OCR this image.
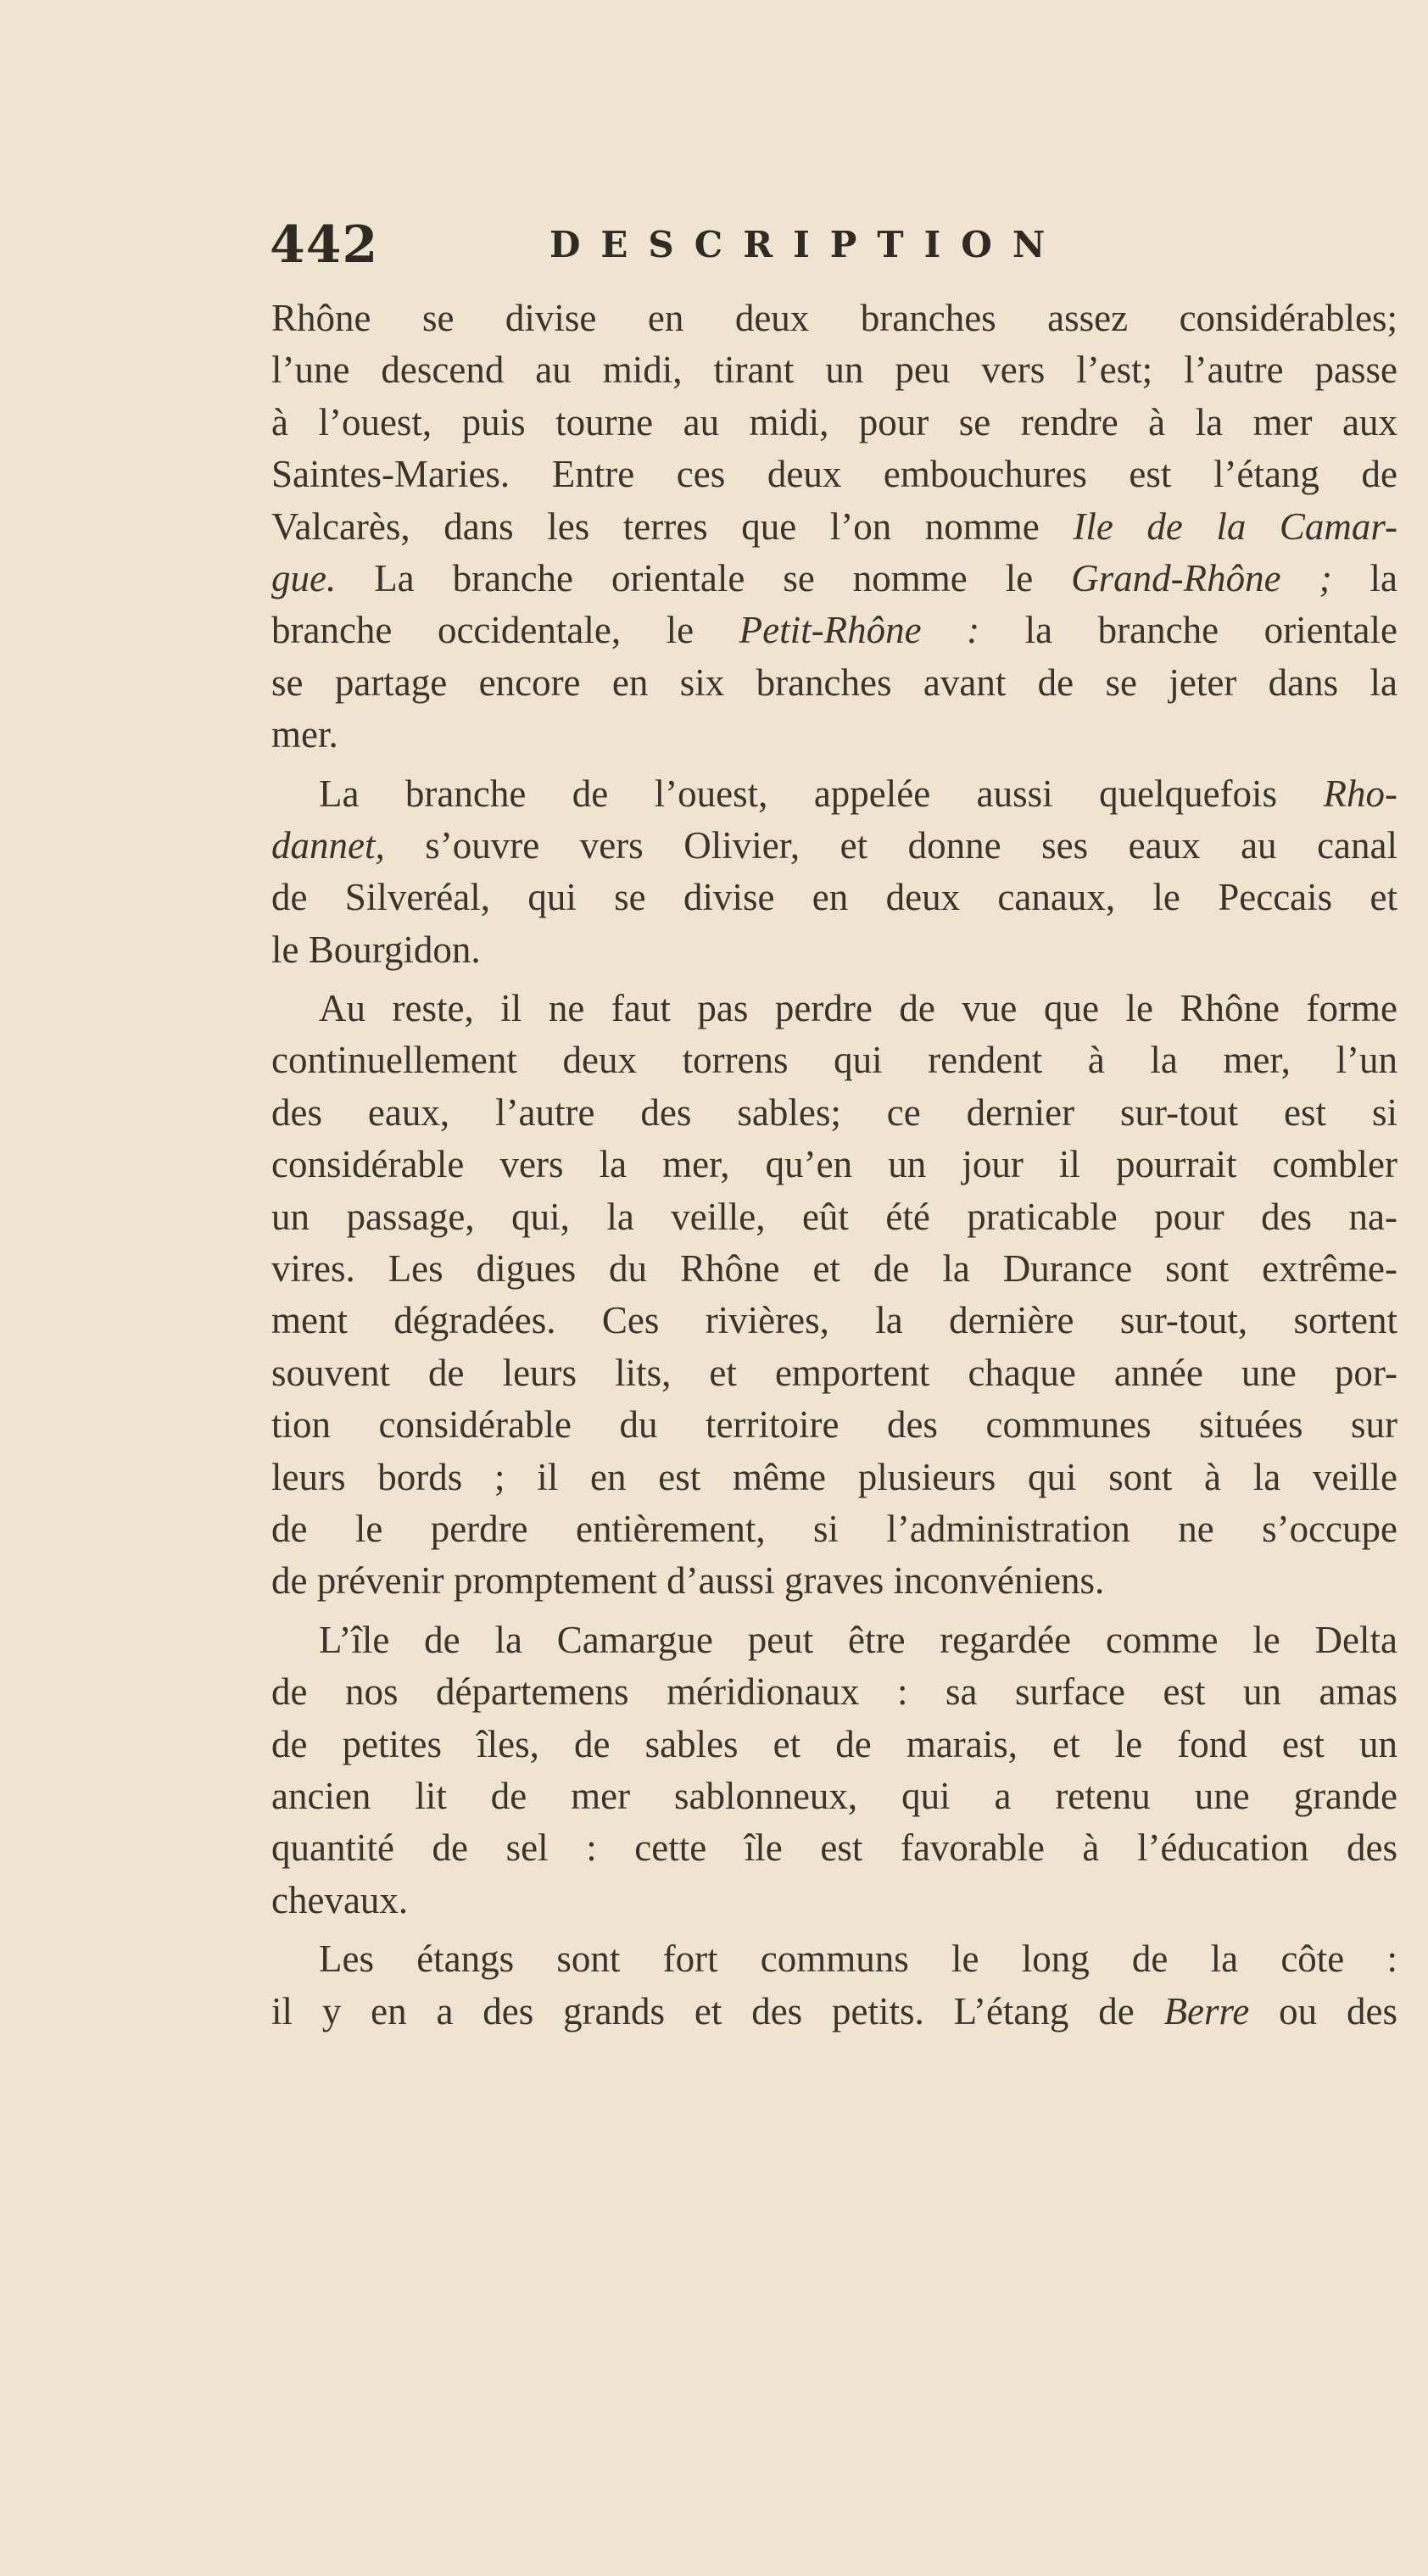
442	DESCRIPTION
Rhône se divise en deux branches assez considérables;
l’une descend au midi, tirant un peu vers l’est; l’autre passe
à l’ouest, puis tourne au midi, pour se rendre à la mer aux
Saintes-Maries. Entre ces deux embouchures est l’étang de
Valcarès, dans les terres que l’on nomme Ile de la Camar-
gue. La branche orientale se nomme le Grand-Rhône ; la
branche occidentale, le Petit-Rhône : la branche orientale
se partage encore en six branches avant de se jeter dans la
mer.
La branche de l’ouest, appelée aussi quelquefois Rho-
dannet, s’ouvre vers Olivier, et donne ses eaux au canal
de Silveréal, qui se divise en deux canaux, le Peccais et
le Bourgidon.
Au reste, il ne faut pas perdre de vue que le Rhône forme
continuellement deux torrens qui rendent à la mer, l’un
des eaux, l’autre des sables; ce dernier sur-tout est si
considérable vers la mer, qu’en un jour il pourrait combler
un passage, qui, la veille, eût été praticable pour des na-
vires. Les digues du Rhône et de la Durance sont extrême-
ment dégradées. Ces rivières, la dernière sur-tout, sortent
souvent de leurs lits, et emportent chaque année une por-
tion considérable du territoire des communes situées sur
leurs bords ; il en est même plusieurs qui sont à la veille
de le perdre entièrement, si l’administration ne s’occupe
de prévenir promptement d’aussi graves inconvéniens.
L’île de la Camargue peut être regardée comme le Delta
de nos départemens méridionaux : sa surface est un amas
de petites îles, de sables et de marais, et le fond est un
ancien lit de mer sablonneux, qui a retenu une grande
quantité de sel : cette île est favorable à l’éducation des
chevaux.
Les étangs sont fort communs le long de la côte :
il y en a des grands et des petits. L’étang de Berre ou des
